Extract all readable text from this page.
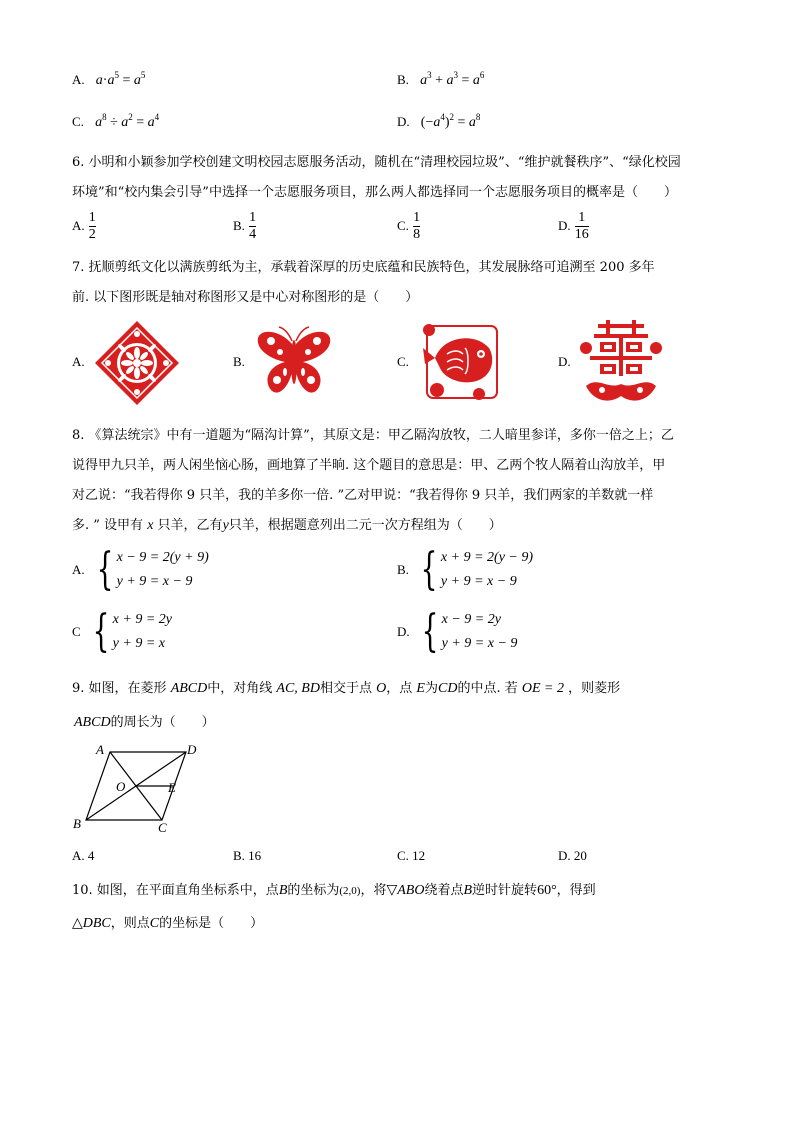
A.   $a\cdot a^5 = a^5$	B.   $a^3 + a^3 = a^6$
C.   $a^8 \div a^2 = a^4$	D. $(-a^4)^2 = a^8$
6. 小明和小颖参加学校创建文明校园志愿服务活动，随机在“清理校园垃圾”、“维护就餐秩序”、“绿化校园
环境”和“校内集会引导”中选择一个志愿服务项目，那么两人都选择同一个志愿服务项目的概率是（　　）
A. $\frac{1}{2}$	B. $\frac{1}{4}$	C. $\frac{1}{8}$	D. $\frac{1}{16}$
7. 抚顺剪纸文化以满族剪纸为主，承载着深厚的历史底蕴和民族特色，其发展脉络可追溯至 200 多年
前. 以下图形既是轴对称图形又是中心对称图形的是（　　）
A.	B.	C.	D.
8. 《算法统宗》中有一道题为“隔沟计算”，其原文是：甲乙隔沟放牧，二人暗里参详，多你一倍之上；乙
说得甲九只羊，两人闲坐恼心肠，画地算了半晌. 这个题目的意思是：甲、乙两个牧人隔着山沟放羊，甲
对乙说：“我若得你 9 只羊，我的羊多你一倍. ”乙对甲说：“我若得你 9 只羊，我们两家的羊数就一样
多. ” 设甲有 x 只羊，乙有y只羊，根据题意列出二元一次方程组为（　　）
A. { x − 9 = 2(y + 9)
y + 9 = x − 9
B. { x + 9 = 2(y − 9)
y + 9 = x − 9
C { x + 9 = 2y
y + 9 = x
D. { x − 9 = 2y
y + 9 = x − 9
9. 如图，在菱形 ABCD中，对角线 AC, BD相交于点 O，点 E为CD的中点. 若 OE = 2 ，则菱形
ABCD的周长为（　　）
A	D
B	C
O	E
A. 4	B. 16	C. 12	D. 20
10. 如图，在平面直角坐标系中，点B的坐标为(2,0)，将▽ABO绕着点B逆时针旋转60°，得到
△DBC，则点C的坐标是（　　）
